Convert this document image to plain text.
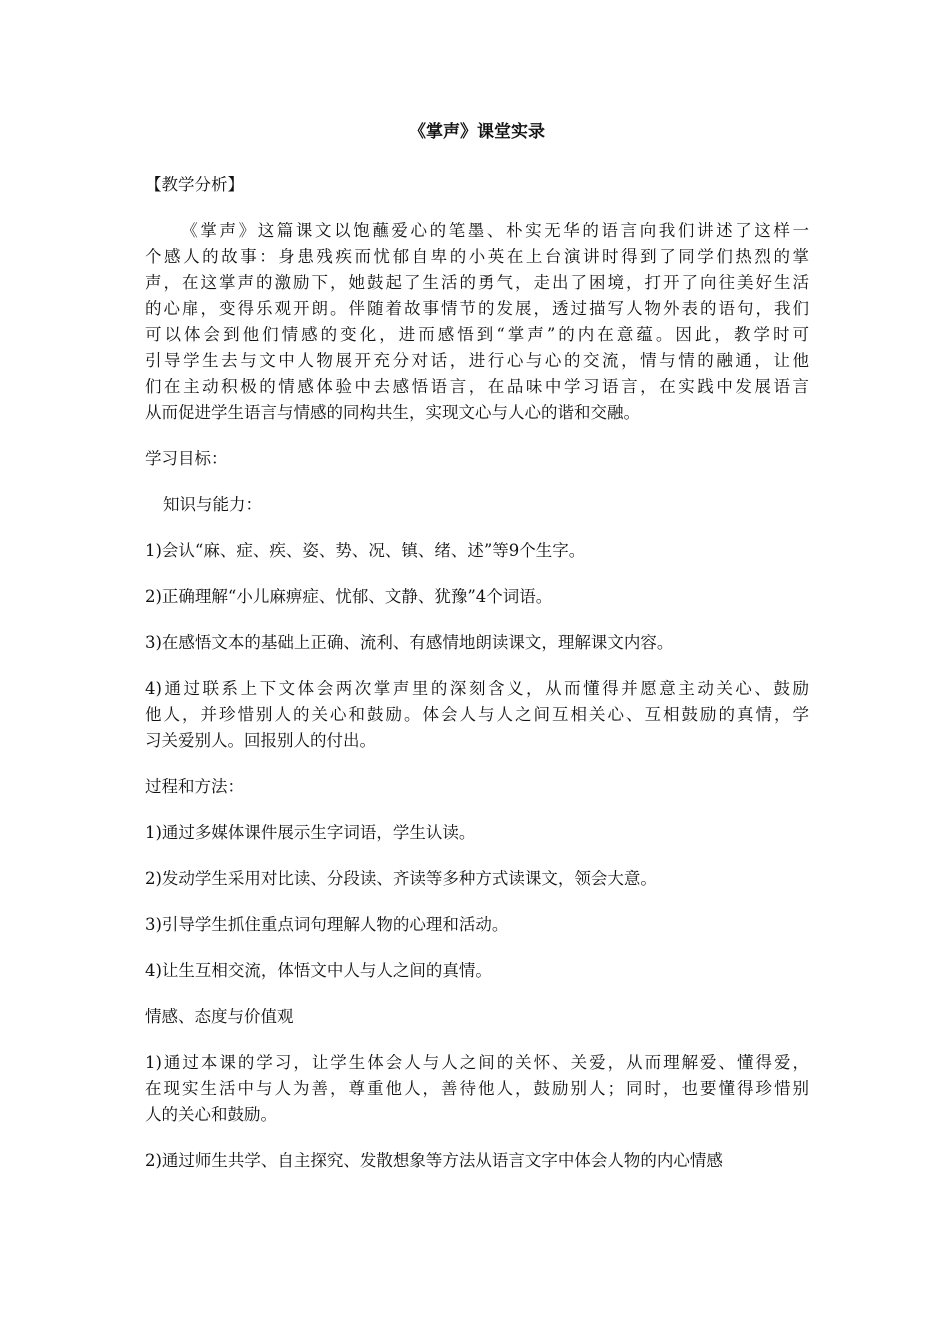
《掌声》课堂实录
【教学分析】
《掌声》这篇课文以饱蘸爱心的笔墨、朴实无华的语言向我们讲述了这样一
个感人的故事：身患残疾而忧郁自卑的小英在上台演讲时得到了同学们热烈的掌
声，在这掌声的激励下，她鼓起了生活的勇气，走出了困境，打开了向往美好生活
的心扉，变得乐观开朗。伴随着故事情节的发展，透过描写人物外表的语句，我们
可以体会到他们情感的变化，进而感悟到“掌声”的内在意蕴。因此，教学时可
引导学生去与文中人物展开充分对话，进行心与心的交流，情与情的融通，让他
们在主动积极的情感体验中去感悟语言，在品味中学习语言，在实践中发展语言
从而促进学生语言与情感的同构共生，实现文心与人心的谐和交融。
学习目标：
知识与能力：
1)会认“麻、症、疾、姿、势、况、镇、绪、述”等9个生字。
2)正确理解“小儿麻痹症、忧郁、文静、犹豫”4个词语。
3)在感悟文本的基础上正确、流利、有感情地朗读课文，理解课文内容。
4)通过联系上下文体会两次掌声里的深刻含义，从而懂得并愿意主动关心、鼓励
他人，并珍惜别人的关心和鼓励。体会人与人之间互相关心、互相鼓励的真情，学
习关爱别人。回报别人的付出。
过程和方法：
1)通过多媒体课件展示生字词语，学生认读。
2)发动学生采用对比读、分段读、齐读等多种方式读课文，领会大意。
3)引导学生抓住重点词句理解人物的心理和活动。
4)让生互相交流，体悟文中人与人之间的真情。
情感、态度与价值观
1)通过本课的学习，让学生体会人与人之间的关怀、关爱，从而理解爱、懂得爱，
在现实生活中与人为善，尊重他人，善待他人，鼓励别人；同时，也要懂得珍惜别
人的关心和鼓励。
2)通过师生共学、自主探究、发散想象等方法从语言文字中体会人物的内心情感
